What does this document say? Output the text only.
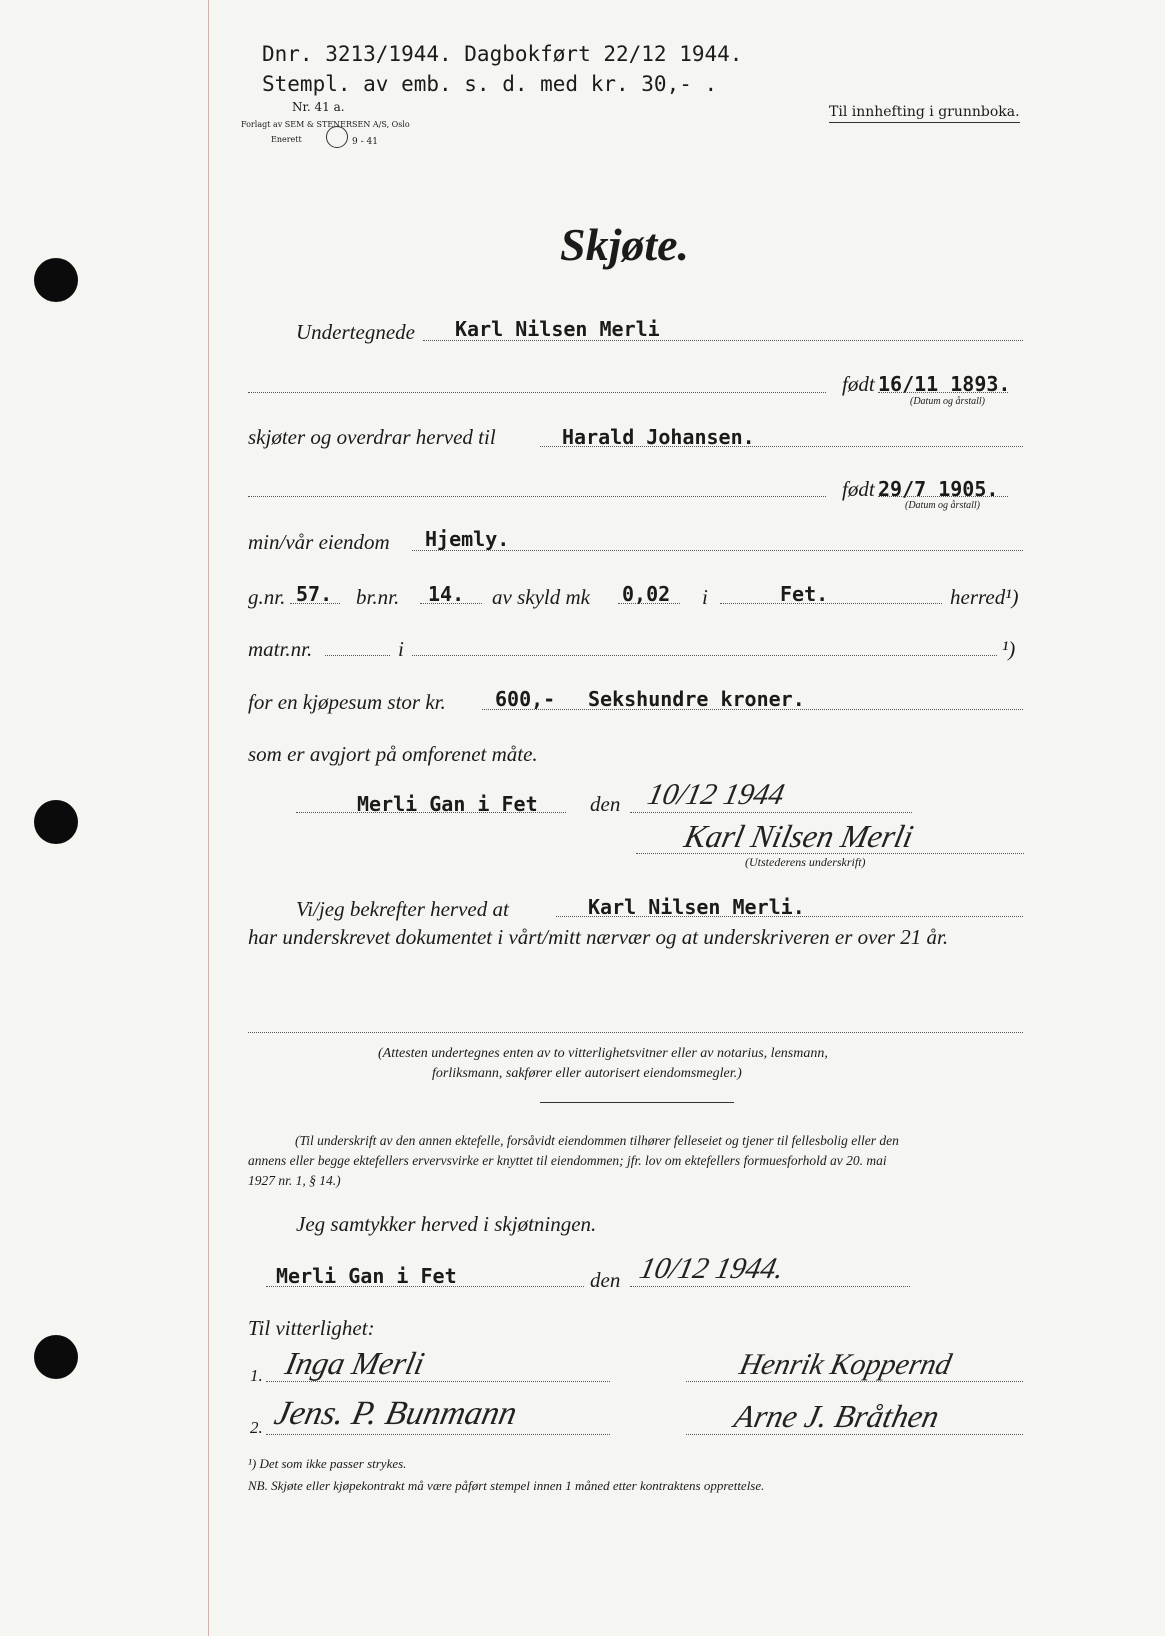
Dnr. 3213/1944. Dagbokført 22/12 1944.
Stempl. av emb. s. d. med kr. 30,- .
Nr. 41 a.
Forlagt av SEM & STENERSEN A/S, Oslo
Enerett	9 - 41
Til innhefting i grunnboka.
Skjøte.
Undertegnede Karl Nilsen Merli
født 16/11 1893.
(Datum og årstall)
skjøter og overdrar herved til	Harald Johansen.
født 29/7 1905.
(Datum og årstall)
min/vår eiendom Hjemly.
g.nr. 57. br.nr. 14. av skyld mk 0,02 i	Fet.	herred¹)
matr.nr.	i	¹)
for en kjøpesum stor kr. 600,- Sekshundre kroner.
som er avgjort på omforenet måte.
Merli Gan i Fet den 10/12 1944
Karl Nilsen Merli
(Utstederens underskrift)
Vi/jeg bekrefter herved at	Karl Nilsen Merli.
har underskrevet dokumentet i vårt/mitt nærvær og at underskriveren er over 21 år.
(Attesten undertegnes enten av to vitterlighetsvitner eller av notarius, lensmann,
forliksmann, sakfører eller autorisert eiendomsmegler.)
(Til underskrift av den annen ektefelle, forsåvidt eiendommen tilhører felleseiet og tjener til fellesbolig eller den
annens eller begge ektefellers ervervsvirke er knyttet til eiendommen; jfr. lov om ektefellers formuesforhold av 20. mai
1927 nr. 1, § 14.)
Jeg samtykker herved i skjøtningen.
Merli Gan i Fet	den 10/12 1944.
Til vitterlighet:
1. Inga Merli	Henrik Koppernd
2. Jens. P. Bunmann	Arne J. Bråthen
¹) Det som ikke passer strykes.
NB. Skjøte eller kjøpekontrakt må være påført stempel innen 1 måned etter kontraktens opprettelse.
